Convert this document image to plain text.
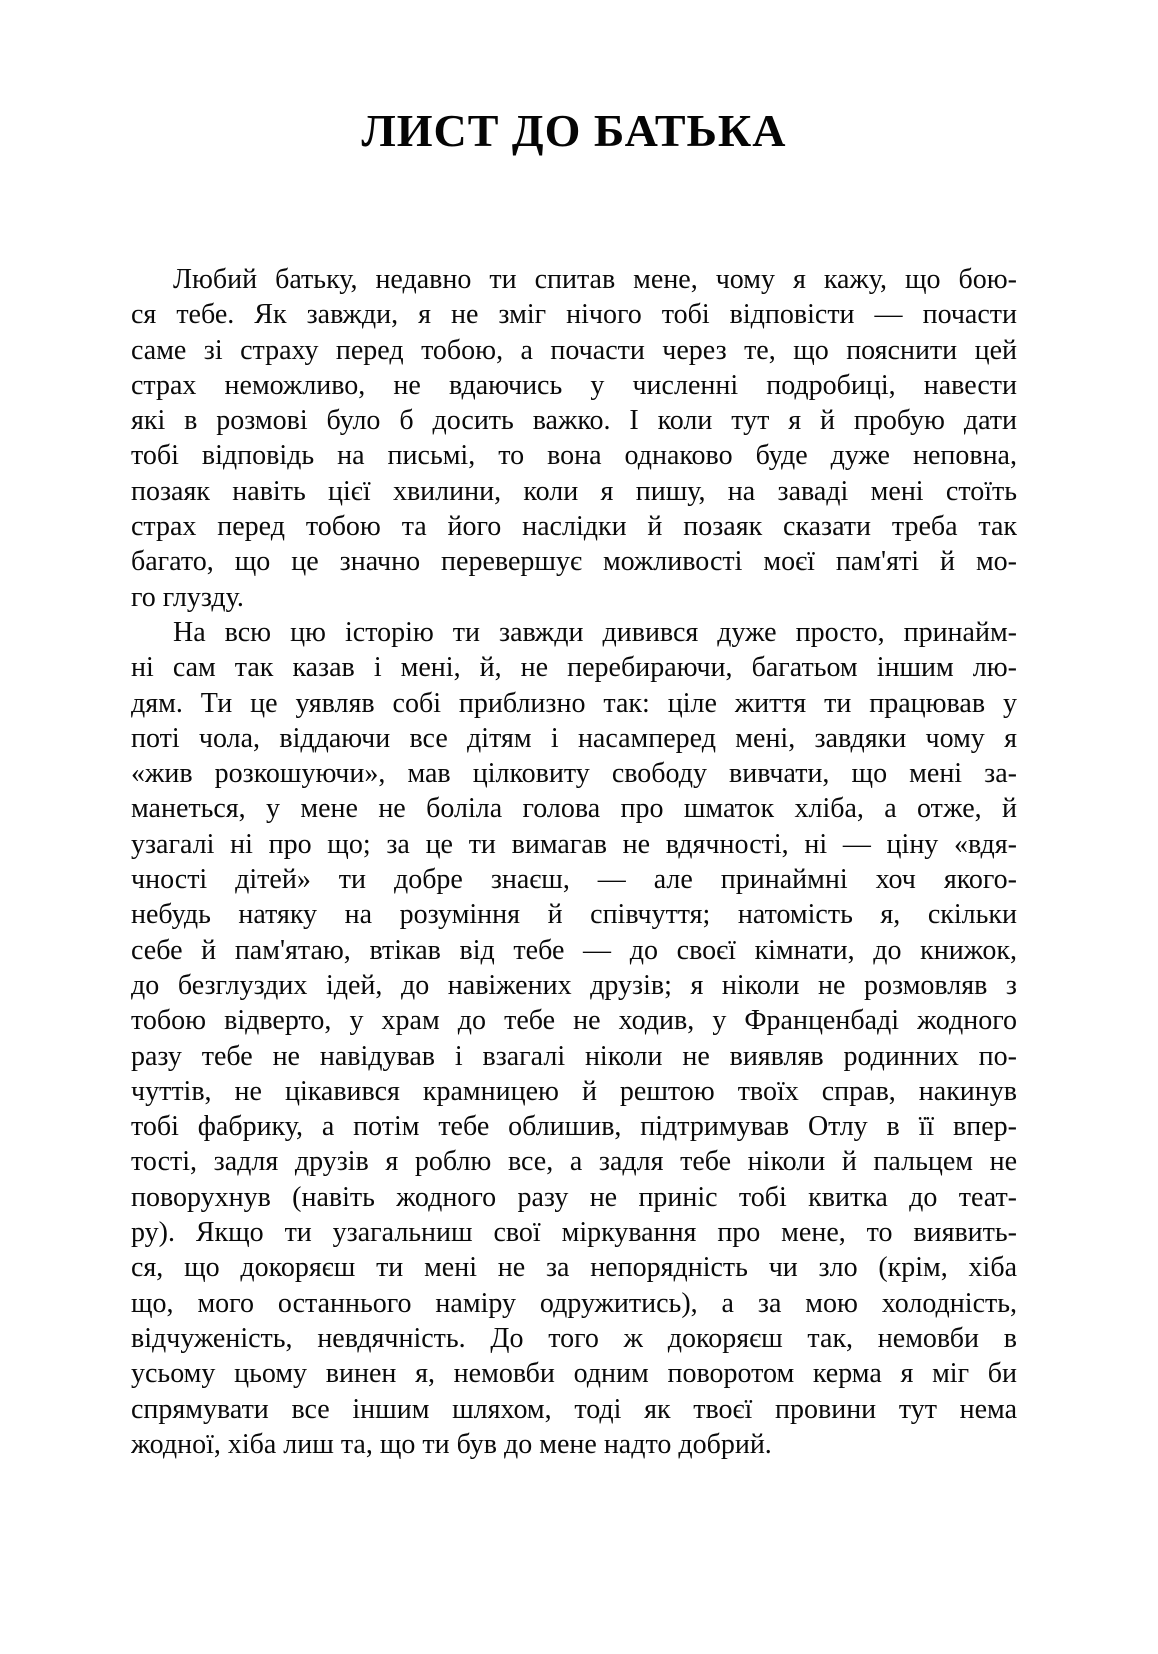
ЛИСТ ДО БАТЬКА
Любий батьку, недавно ти спитав мене, чому я кажу, що бою-
ся тебе. Як завжди, я не зміг нічого тобі відповісти — почасти
саме зі страху перед тобою, а почасти через те, що пояснити цей
страх неможливо, не вдаючись у численні подробиці, навести
які в розмові було б досить важко. І коли тут я й пробую дати
тобі відповідь на письмі, то вона однаково буде дуже неповна,
позаяк навіть цієї хвилини, коли я пишу, на заваді мені стоїть
страх перед тобою та його наслідки й позаяк сказати треба так
багато, що це значно перевершує можливості моєї пам'яті й мо-
го глузду.
На всю цю історію ти завжди дивився дуже просто, принайм-
ні сам так казав і мені, й, не перебираючи, багатьом іншим лю-
дям. Ти це уявляв собі приблизно так: ціле життя ти працював у
поті чола, віддаючи все дітям і насамперед мені, завдяки чому я
«жив розкошуючи», мав цілковиту свободу вивчати, що мені за-
манеться, у мене не боліла голова про шматок хліба, а отже, й
узагалі ні про що; за це ти вимагав не вдячності, ні — ціну «вдя-
чності дітей» ти добре знаєш, — але принаймні хоч якого-
небудь натяку на розуміння й співчуття; натомість я, скільки
себе й пам'ятаю, втікав від тебе — до своєї кімнати, до книжок,
до безглуздих ідей, до навіжених друзів; я ніколи не розмовляв з
тобою відверто, у храм до тебе не ходив, у Франценбаді жодного
разу тебе не навідував і взагалі ніколи не виявляв родинних по-
чуттів, не цікавився крамницею й рештою твоїх справ, накинув
тобі фабрику, а потім тебе облишив, підтримував Отлу в її впер-
тості, задля друзів я роблю все, а задля тебе ніколи й пальцем не
поворухнув (навіть жодного разу не приніс тобі квитка до теат-
ру). Якщо ти узагальниш свої міркування про мене, то виявить-
ся, що докоряєш ти мені не за непорядність чи зло (крім, хіба
що, мого останнього наміру одружитись), а за мою холодність,
відчуженість, невдячність. До того ж докоряєш так, немовби в
усьому цьому винен я, немовби одним поворотом керма я міг би
спрямувати все іншим шляхом, тоді як твоєї провини тут нема
жодної, хіба лиш та, що ти був до мене надто добрий.
